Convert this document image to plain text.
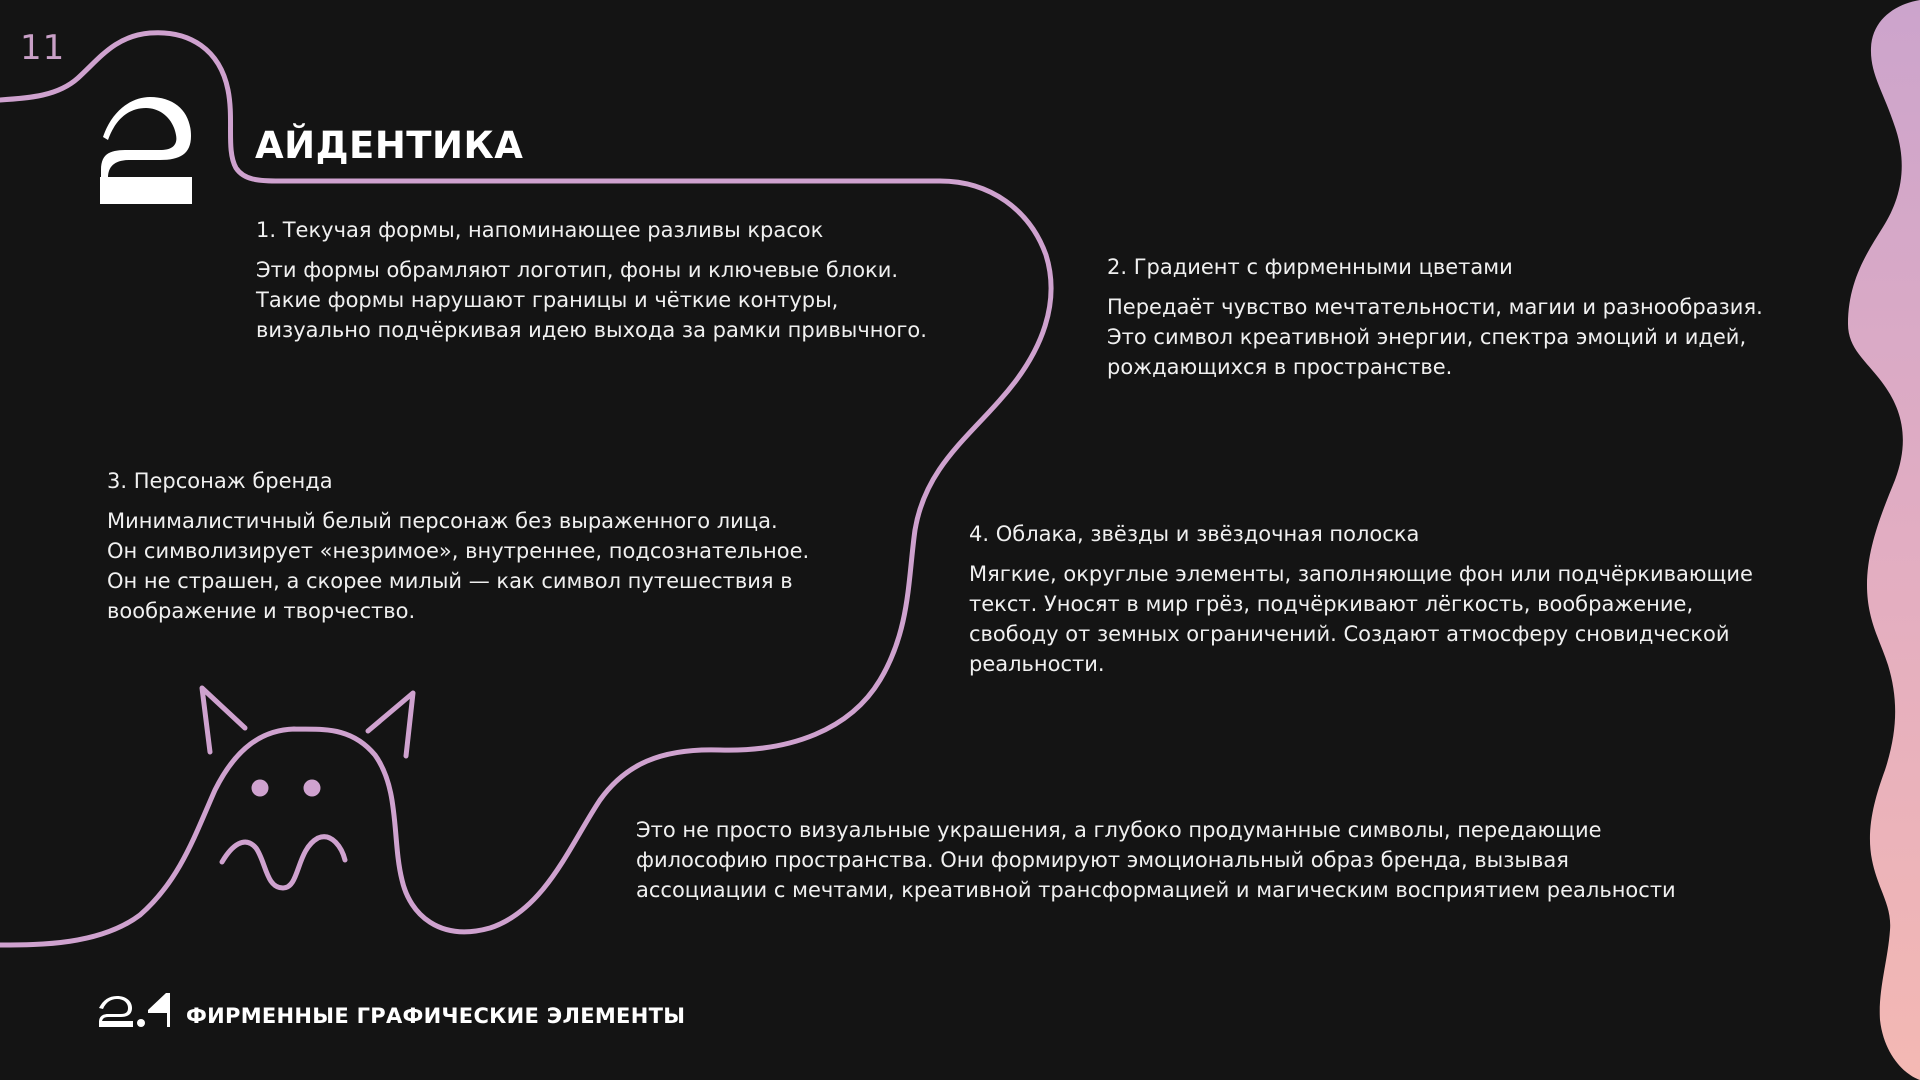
11
АЙДЕНТИКА
1. Текучая формы, напоминающее разливы красок
Эти формы обрамляют логотип, фоны и ключевые блоки.
Такие формы нарушают границы и чёткие контуры,
визуально подчёркивая идею выхода за рамки привычного.
2. Градиент с фирменными цветами
Передаёт чувство мечтательности, магии и разнообразия.
Это символ креативной энергии, спектра эмоций и идей,
рождающихся в пространстве.
3. Персонаж бренда
Минималистичный белый персонаж без выраженного лица.
Он символизирует «незримое», внутреннее, подсознательное.
Он не страшен, а скорее милый — как символ путешествия в
воображение и творчество.
4. Облака, звёзды и звёздочная полоска
Мягкие, округлые элементы, заполняющие фон или подчёркивающие
текст. Уносят в мир грёз, подчёркивают лёгкость, воображение,
свободу от земных ограничений. Создают атмосферу сновидческой
реальности.
Это не просто визуальные украшения, а глубоко продуманные символы, передающие
философию пространства. Они формируют эмоциональный образ бренда, вызывая
ассоциации с мечтами, креативной трансформацией и магическим восприятием реальности
ФИРМЕННЫЕ ГРАФИЧЕСКИЕ ЭЛЕМЕНТЫ
